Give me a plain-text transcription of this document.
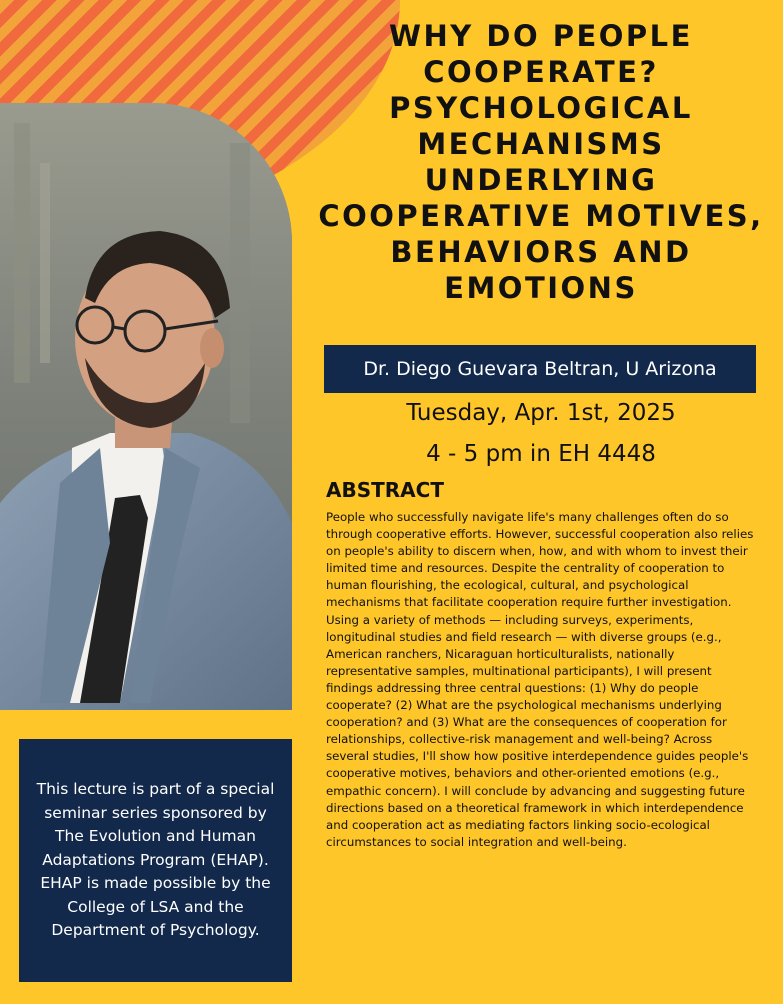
WHY DO PEOPLE COOPERATE? PSYCHOLOGICAL MECHANISMS UNDERLYING COOPERATIVE MOTIVES, BEHAVIORS AND EMOTIONS
Dr. Diego Guevara Beltran, U Arizona
Tuesday, Apr. 1st, 2025
4 - 5 pm in EH 4448
ABSTRACT

People who successfully navigate life's many challenges often do so through cooperative efforts. However, successful cooperation also relies on people's ability to discern when, how, and with whom to invest their limited time and resources. Despite the centrality of cooperation to human flourishing, the ecological, cultural, and psychological mechanisms that facilitate cooperation require further investigation. Using a variety of methods — including surveys, experiments, longitudinal studies and field research — with diverse groups (e.g., American ranchers, Nicaraguan horticulturalists, nationally representative samples, multinational participants), I will present findings addressing three central questions: (1) Why do people cooperate? (2) What are the psychological mechanisms underlying cooperation? and (3) What are the consequences of cooperation for relationships, collective-risk management and well-being? Across several studies, I'll show how positive interdependence guides people's cooperative motives, behaviors and other-oriented emotions (e.g., empathic concern). I will conclude by advancing and suggesting future directions based on a theoretical framework in which interdependence and cooperation act as mediating factors linking socio-ecological circumstances to social integration and well-being.

This lecture is part of a special seminar series sponsored by The Evolution and Human Adaptations Program (EHAP). EHAP is made possible by the College of LSA and the Department of Psychology.
